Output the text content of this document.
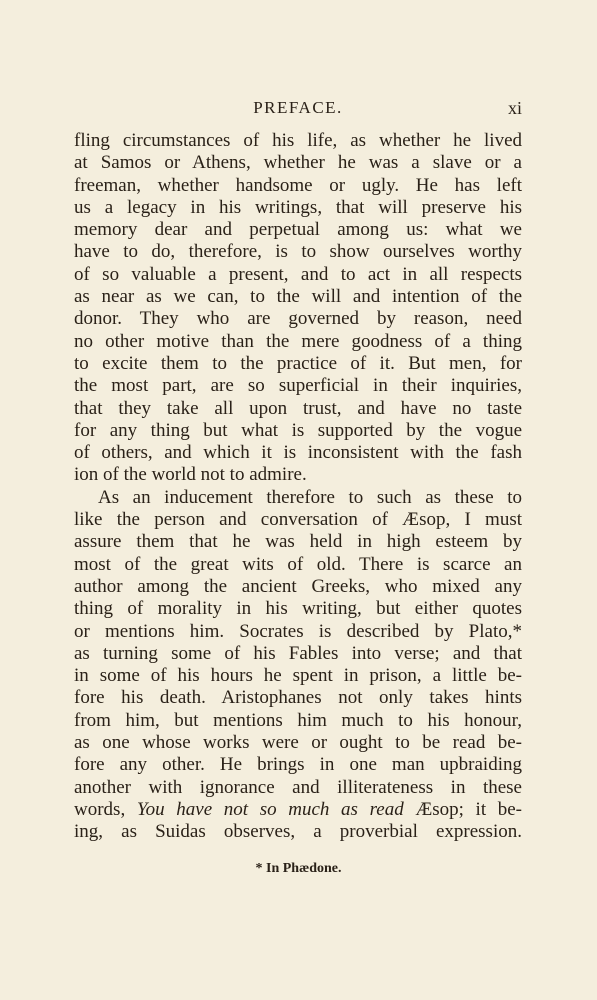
PREFACE.	xi
fling circumstances of his life, as whether he lived
at Samos or Athens, whether he was a slave or a
freeman, whether handsome or ugly. He has left
us a legacy in his writings, that will preserve his
memory dear and perpetual among us: what we
have to do, therefore, is to show ourselves worthy
of so valuable a present, and to act in all respects
as near as we can, to the will and intention of the
donor. They who are governed by reason, need
no other motive than the mere goodness of a thing
to excite them to the practice of it. But men, for
the most part, are so superficial in their inquiries,
that they take all upon trust, and have no taste
for any thing but what is supported by the vogue
of others, and which it is inconsistent with the fash
ion of the world not to admire.
As an inducement therefore to such as these to
like the person and conversation of Æsop, I must
assure them that he was held in high esteem by
most of the great wits of old. There is scarce an
author among the ancient Greeks, who mixed any
thing of morality in his writing, but either quotes
or mentions him. Socrates is described by Plato,*
as turning some of his Fables into verse; and that
in some of his hours he spent in prison, a little be-
fore his death. Aristophanes not only takes hints
from him, but mentions him much to his honour,
as one whose works were or ought to be read be-
fore any other. He brings in one man upbraiding
another with ignorance and illiterateness in these
words, You have not so much as read Æsop; it be-
ing, as Suidas observes, a proverbial expression.
* In Phædone.
